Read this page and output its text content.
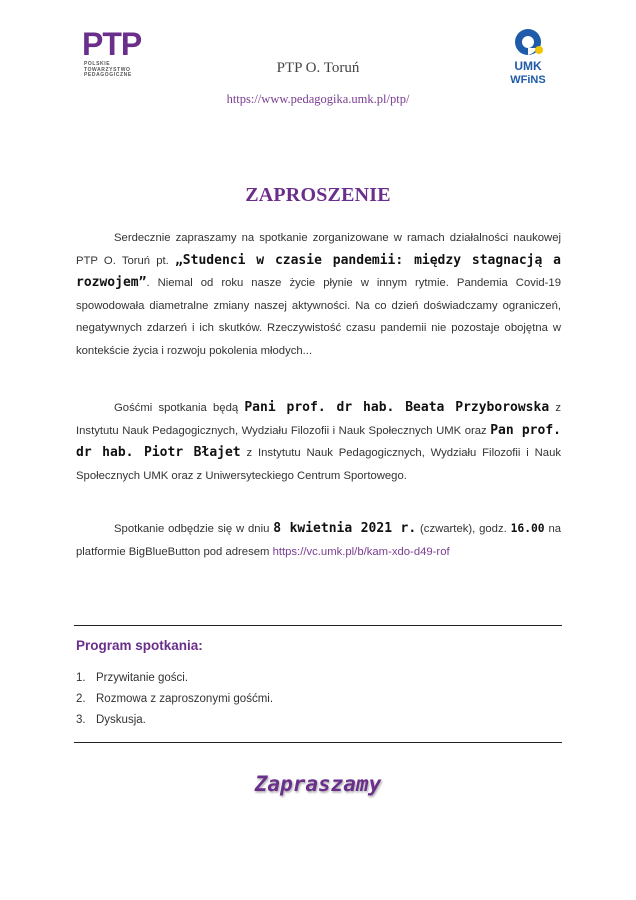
PTP
POLSKIE
TOWARZYSTWO
PEDAGOGICZNE	PTP O. Toruń
https://www.pedagogika.umk.pl/ptp/
UMK
WFiNS
ZAPROSZENIE
Serdecznie zapraszamy na spotkanie zorganizowane w ramach działalności naukowej PTP O. Toruń pt. „Studenci w czasie pandemii: między stagnacją a rozwojem”. Niemal od roku nasze życie płynie w innym rytmie. Pandemia Covid-19 spowodowała diametralne zmiany naszej aktywności. Na co dzień doświadczamy ograniczeń, negatywnych zdarzeń i ich skutków. Rzeczywistość czasu pandemii nie pozostaje obojętna w kontekście życia i rozwoju pokolenia młodych...
Gośćmi spotkania będą Pani prof. dr hab. Beata Przyborowska z Instytutu Nauk Pedagogicznych, Wydziału Filozofii i Nauk Społecznych UMK oraz Pan prof. dr hab. Piotr Błajet z Instytutu Nauk Pedagogicznych, Wydziału Filozofii i Nauk Społecznych UMK oraz z Uniwersyteckiego Centrum Sportowego.
Spotkanie odbędzie się w dniu 8 kwietnia 2021 r. (czwartek), godz. 16.00 na platformie BigBlueButton pod adresem https://vc.umk.pl/b/kam-xdo-d49-rof
Program spotkania:
1. Przywitanie gości.
2. Rozmowa z zaproszonymi gośćmi.
3. Dyskusja.
Zapraszamy
